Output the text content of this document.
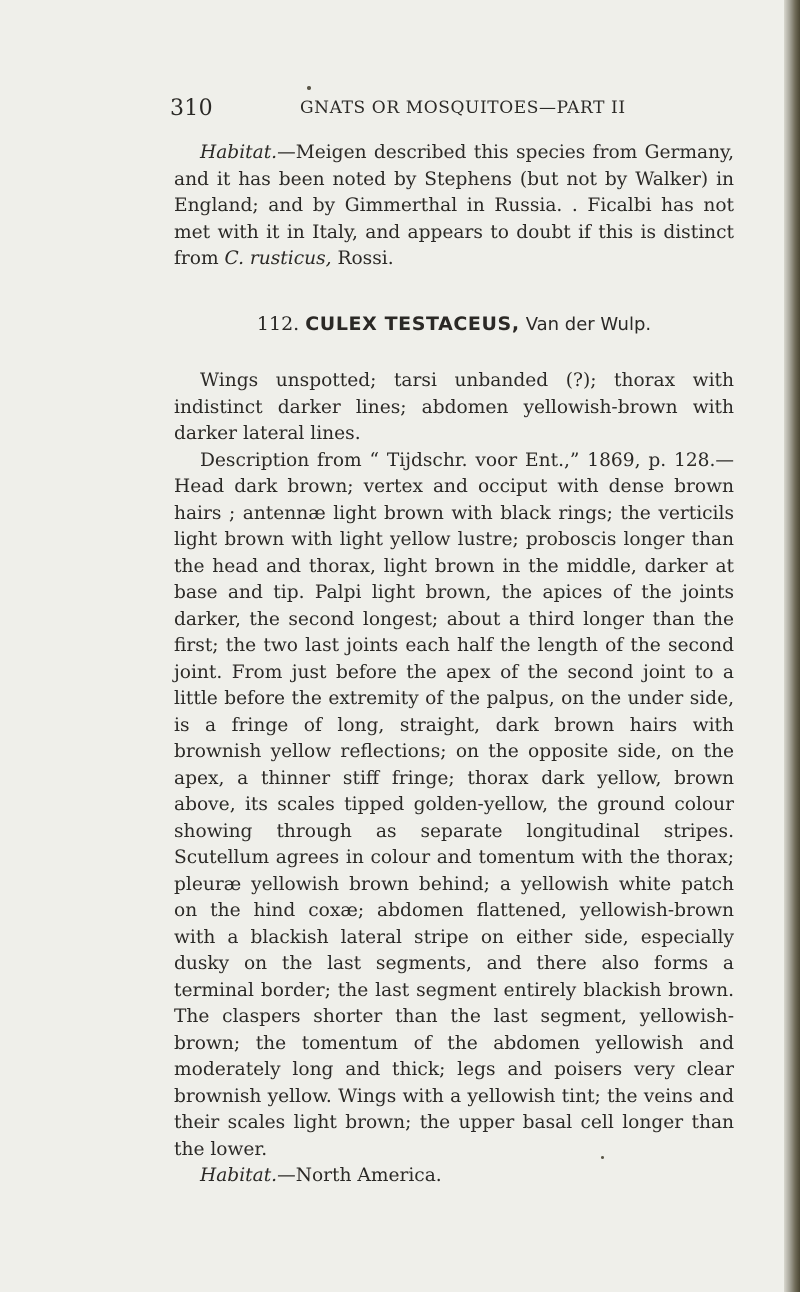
310	GNATS OR MOSQUITOES—PART II

Habitat.—Meigen described this species from Germany, and it has been noted by Stephens (but not by Walker) in England; and by Gimmerthal in Russia. . Ficalbi has not met with it in Italy, and appears to doubt if this is distinct from C. rusticus, Rossi.

112. CULEX TESTACEUS, Van der Wulp.

Wings unspotted; tarsi unbanded (?); thorax with indistinct darker lines; abdomen yellowish-brown with darker lateral lines.

Description from “ Tijdschr. voor Ent.,” 1869, p. 128.— Head dark brown; vertex and occiput with dense brown hairs ; antennæ light brown with black rings; the verticils light brown with light yellow lustre; proboscis longer than the head and thorax, light brown in the middle, darker at base and tip. Palpi light brown, the apices of the joints darker, the second longest; about a third longer than the first; the two last joints each half the length of the second joint. From just before the apex of the second joint to a little before the extremity of the palpus, on the under side, is a fringe of long, straight, dark brown hairs with brownish yellow reflections; on the opposite side, on the apex, a thinner stiff fringe; thorax dark yellow, brown above, its scales tipped golden-yellow, the ground colour showing through as separate longitudinal stripes. Scutellum agrees in colour and tomentum with the thorax; pleuræ yellowish brown behind; a yellowish white patch on the hind coxæ; abdomen flattened, yellowish-brown with a blackish lateral stripe on either side, especially dusky on the last segments, and there also forms a terminal border; the last segment entirely blackish brown. The claspers shorter than the last segment, yellowish-brown; the tomentum of the abdomen yellowish and moderately long and thick; legs and poisers very clear brownish yellow. Wings with a yellowish tint; the veins and their scales light brown; the upper basal cell longer than the lower.

Habitat.—North America.
